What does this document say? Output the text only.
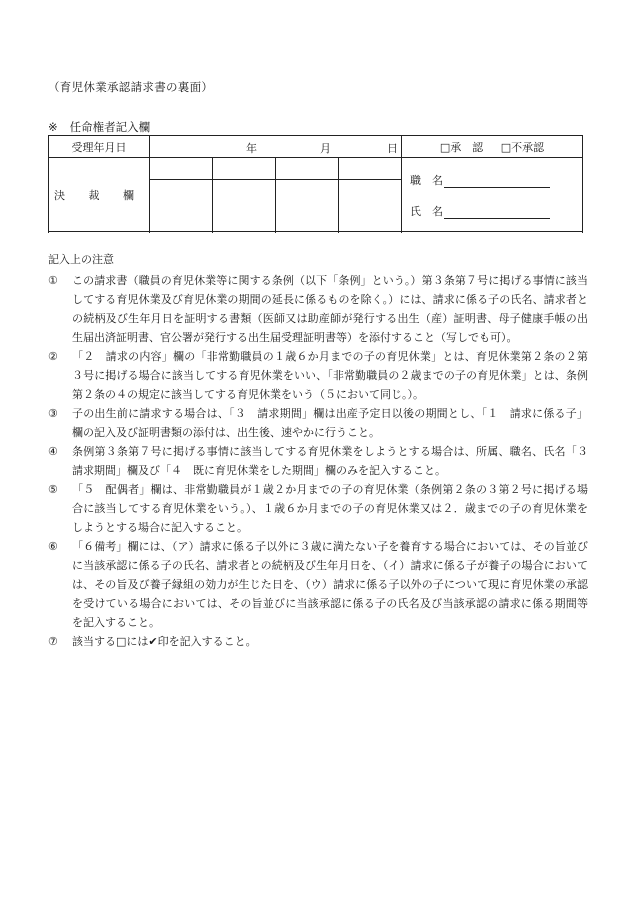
（育児休業承認請求書の裏面）
※ 任命権者記入欄
受理年月日	年 月 日				□承　認 □不承認
決 裁 欄					職　名
氏　名

記入上の注意
①	この請求書（職員の育児休業等に関する条例（以下「条例」という。）第３条第７号に掲げる事情に該当してする育児休業及び育児休業の期間の延長に係るものを除く。）には、請求に係る子の氏名、請求者との続柄及び生年月日を証明する書類（医師又は助産師が発行する出生（産）証明書、母子健康手帳の出生届出済証明書、官公署が発行する出生届受理証明書等）を添付すること（写しでも可）。
②	「２　請求の内容」欄の「非常勤職員の１歳６か月までの子の育児休業」とは、育児休業第２条の２第３号に掲げる場合に該当してする育児休業をいい、「非常勤職員の２歳までの子の育児休業」とは、条例第２条の４の規定に該当してする育児休業をいう（５において同じ。）。
③	子の出生前に請求する場合は、「３　請求期間」欄は出産予定日以後の期間とし、「１　請求に係る子」欄の記入及び証明書類の添付は、出生後、速やかに行うこと。
④	条例第３条第７号に掲げる事情に該当してする育児休業をしようとする場合は、所属、職名、氏名「３　請求期間」欄及び「４　既に育児休業をした期間」欄のみを記入すること。
⑤	「５　配偶者」欄は、非常勤職員が１歳２か月までの子の育児休業（条例第２条の３第２号に掲げる場合に該当してする育児休業をいう。）、１歳６か月までの子の育児休業又は２．歳までの子の育児休業をしようとする場合に記入すること。
⑥	「６備考」欄には、（ア）請求に係る子以外に３歳に満たない子を養育する場合においては、その旨並びに当該承認に係る子の氏名、請求者との続柄及び生年月日を、（イ）請求に係る子が養子の場合においては、その旨及び養子縁組の効力が生じた日を、（ウ）請求に係る子以外の子について現に育児休業の承認を受けている場合においては、その旨並びに当該承認に係る子の氏名及び当該承認の請求に係る期間等を記入すること。
⑦	該当する□には✔印を記入すること。
